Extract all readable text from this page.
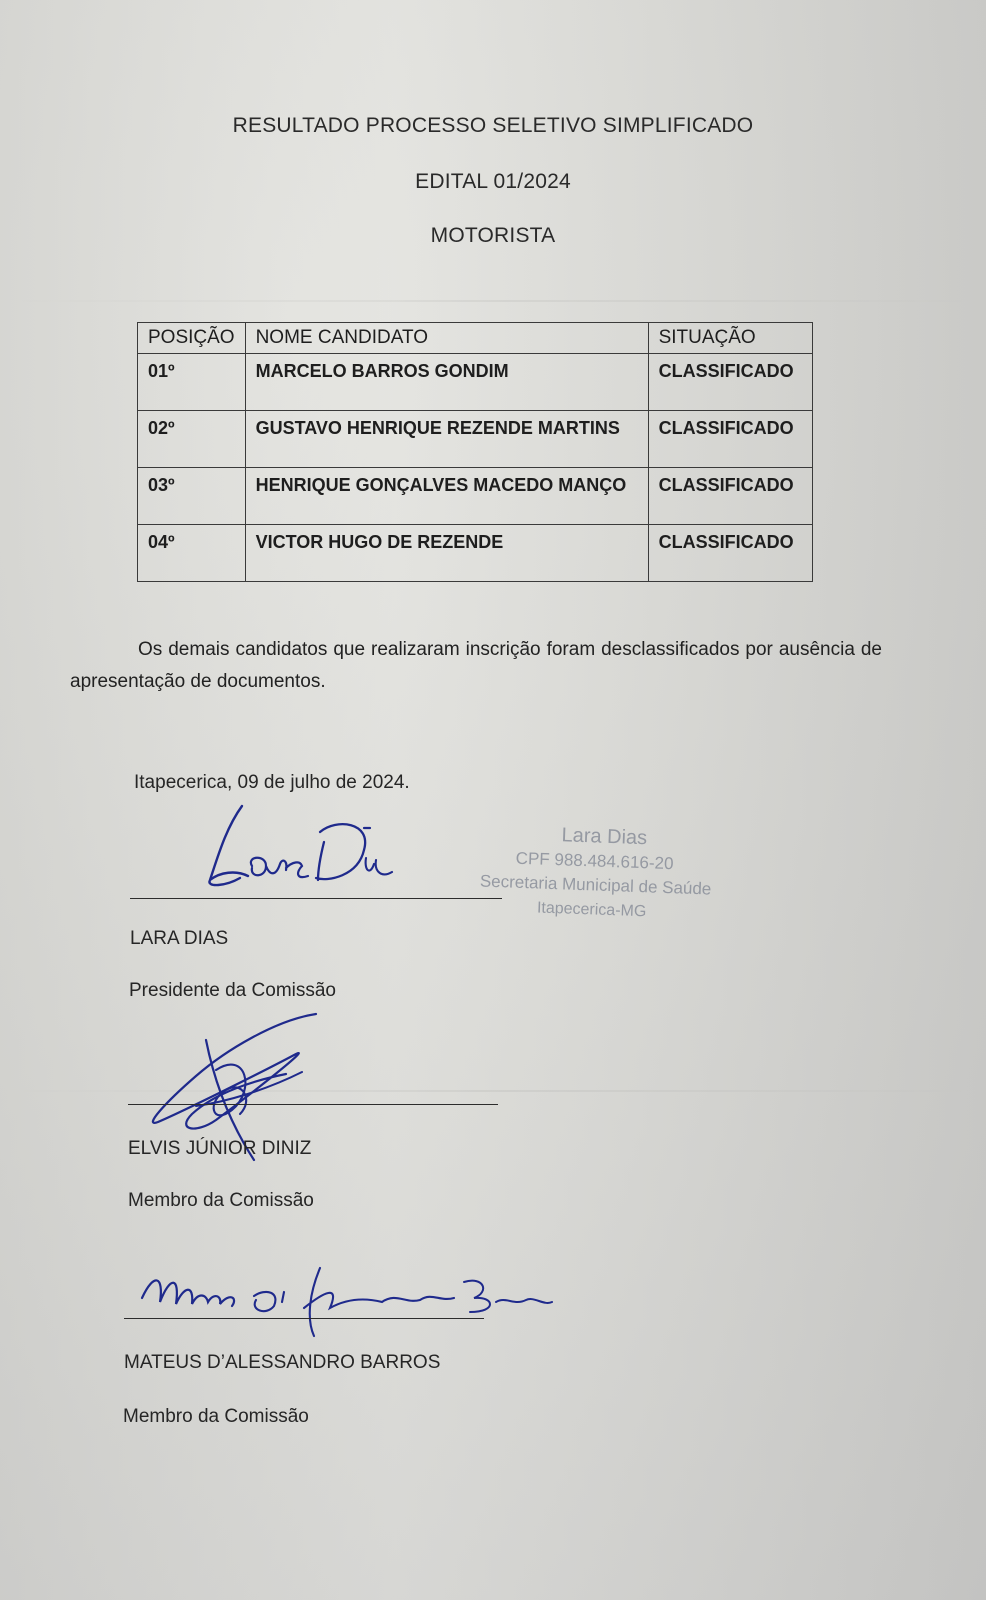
RESULTADO PROCESSO SELETIVO SIMPLIFICADO
EDITAL 01/2024
MOTORISTA
POSIÇÃO	NOME CANDIDATO	SITUAÇÃO
01º	MARCELO BARROS GONDIM	CLASSIFICADO
02º	GUSTAVO HENRIQUE REZENDE MARTINS	CLASSIFICADO
03º	HENRIQUE GONÇALVES MACEDO MANÇO	CLASSIFICADO
04º	VICTOR HUGO DE REZENDE	CLASSIFICADO
Os demais candidatos que realizaram inscrição foram desclassificados por ausência de apresentação de documentos.
Itapecerica, 09 de julho de 2024.
Lara Dias
CPF 988.484.616-20
Secretaria Municipal de Saúde
Itapecerica-MG
LARA DIAS
Presidente da Comissão
ELVIS JÚNIOR DINIZ
Membro da Comissão
MATEUS D’ALESSANDRO BARROS
Membro da Comissão
